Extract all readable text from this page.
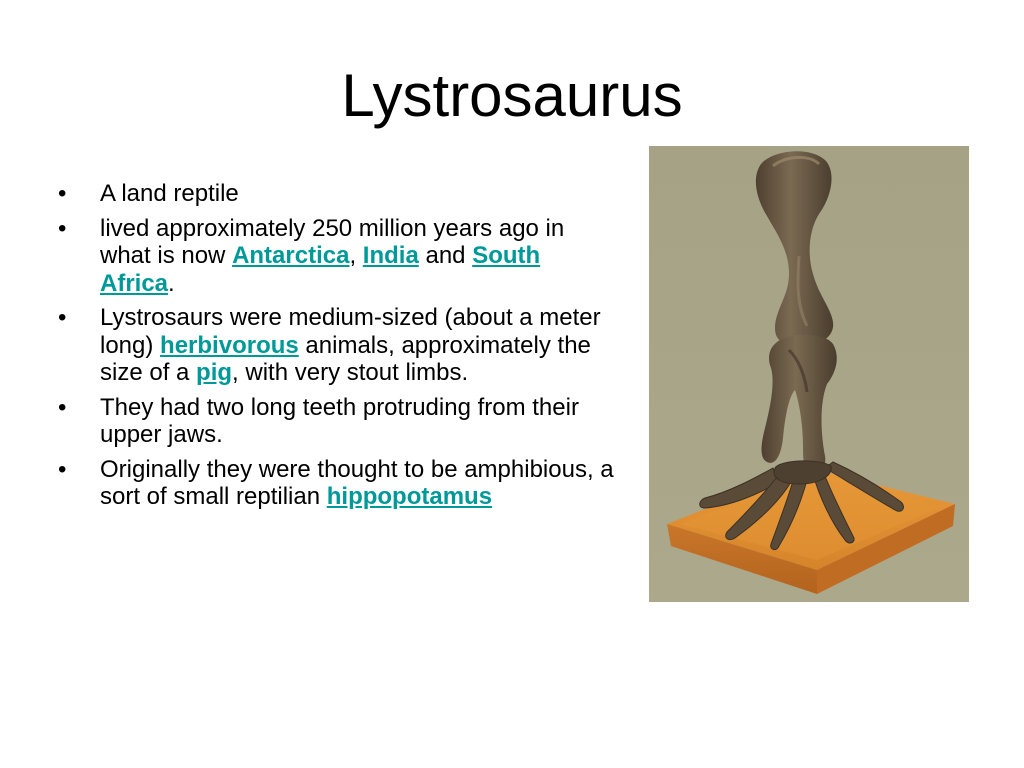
Lystrosaurus
• A land reptile
• lived approximately 250 million years ago in what is now Antarctica, India and South Africa.
• Lystrosaurs were medium-sized (about a meter long) herbivorous animals, approximately the size of a pig, with very stout limbs.
• They had two long teeth protruding from their upper jaws.
• Originally they were thought to be amphibious, a sort of small reptilian hippopotamus
